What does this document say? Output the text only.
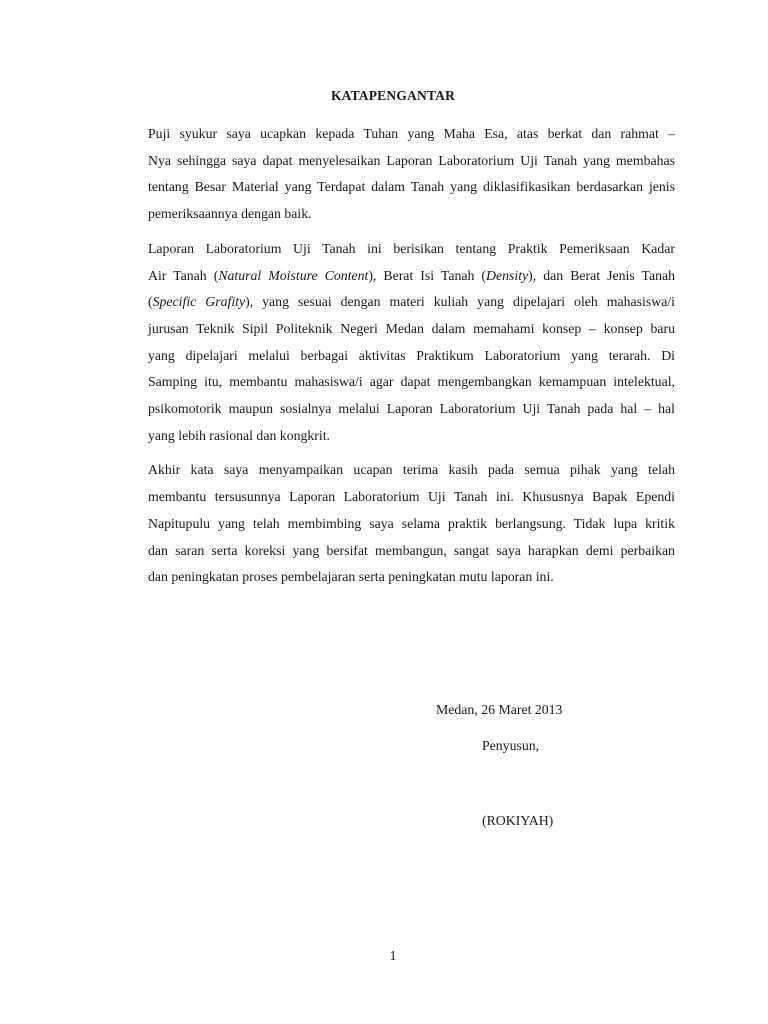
KATAPENGANTAR

Puji syukur saya ucapkan kepada Tuhan yang Maha Esa, atas berkat dan rahmat –
Nya sehingga saya dapat menyelesaikan Laporan Laboratorium Uji Tanah yang membahas
tentang Besar Material yang Terdapat dalam Tanah yang diklasifikasikan berdasarkan jenis
pemeriksaannya dengan baik.

Laporan Laboratorium Uji Tanah ini berisikan tentang Praktik Pemeriksaan Kadar
Air Tanah (Natural Moisture Content), Berat Isi Tanah (Density), dan Berat Jenis Tanah
(Specific Grafity), yang sesuai dengan materi kuliah yang dipelajari oleh mahasiswa/i
jurusan Teknik Sipil Politeknik Negeri Medan dalam memahami konsep – konsep baru
yang dipelajari melalui berbagai aktivitas Praktikum Laboratorium yang terarah. Di
Samping itu, membantu mahasiswa/i agar dapat mengembangkan kemampuan intelektual,
psikomotorik maupun sosialnya melalui Laporan Laboratorium Uji Tanah pada hal – hal
yang lebih rasional dan kongkrit.

Akhir kata saya menyampaikan ucapan terima kasih pada semua pihak yang telah
membantu tersusunnya Laporan Laboratorium Uji Tanah ini. Khususnya Bapak Ependi
Napitupulu yang telah membimbing saya selama praktik berlangsung. Tidak lupa kritik
dan saran serta koreksi yang bersifat membangun, sangat saya harapkan demi perbaikan
dan peningkatan proses pembelajaran serta peningkatan mutu laporan ini.

Medan, 26 Maret 2013
Penyusun,
(ROKIYAH)
1
